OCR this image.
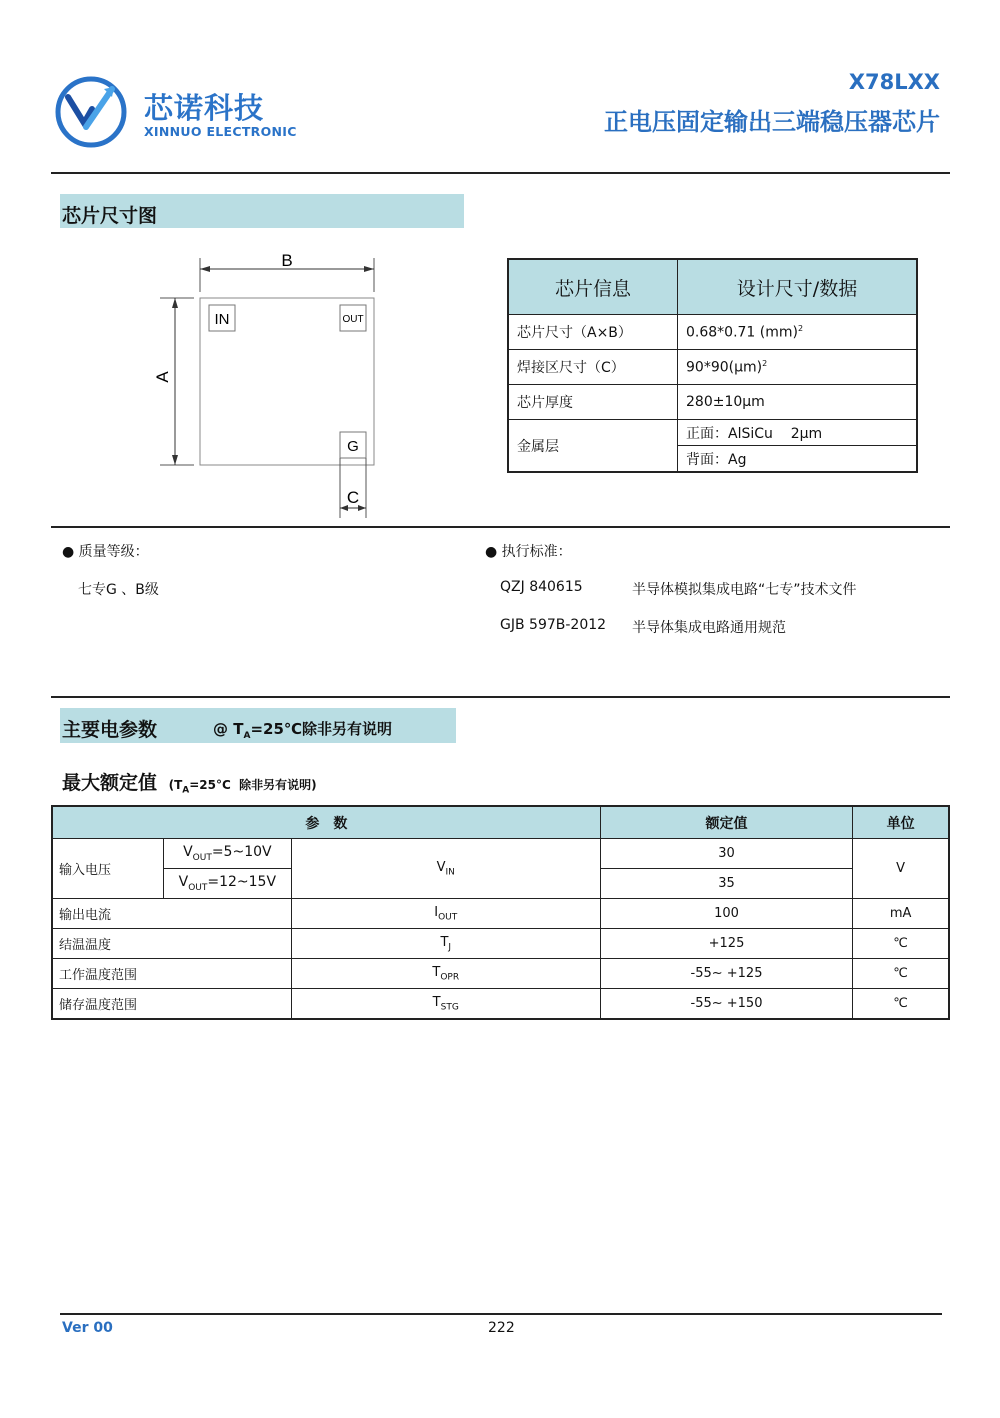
芯诺科技
XINNUO ELECTRONIC
X78LXX
正电压固定输出三端稳压器芯片
芯片尺寸图
B
A
C
IN	OUT
G
芯片信息	设计尺寸/数据
芯片尺寸（A×B）	0.68*0.71 (mm)$^2$
焊接区尺寸（C）	$90*90(\mu m)^2$
芯片厚度	280±10μm
金属层	正面：AlSiCu    2μm
	背面：Ag
● 质量等级：
七专G 、B级
● 执行标准：
QZJ 840615	半导体模拟集成电路“七专”技术文件
GJB 597B-2012 半导体集成电路通用规范
主要电参数	@ $T_A=25℃$除非另有说明
最大额定值 ($T_A=25^\circ C$ 除非另有说明)
参　数			额定值	单位
输入电压	$V_{OUT}=5\sim 10V$	$V_{IN}$	30	V
	$V_{OUT}=12\sim 15V$		35	
输出电流		$I_{OUT}$	100	mA
结温温度		$T_J$	+125	℃
工作温度范围		$T_{OPR}$	-55~ +125	℃
储存温度范围		$T_{STG}$	-55~ +150	℃
Ver 00	222
